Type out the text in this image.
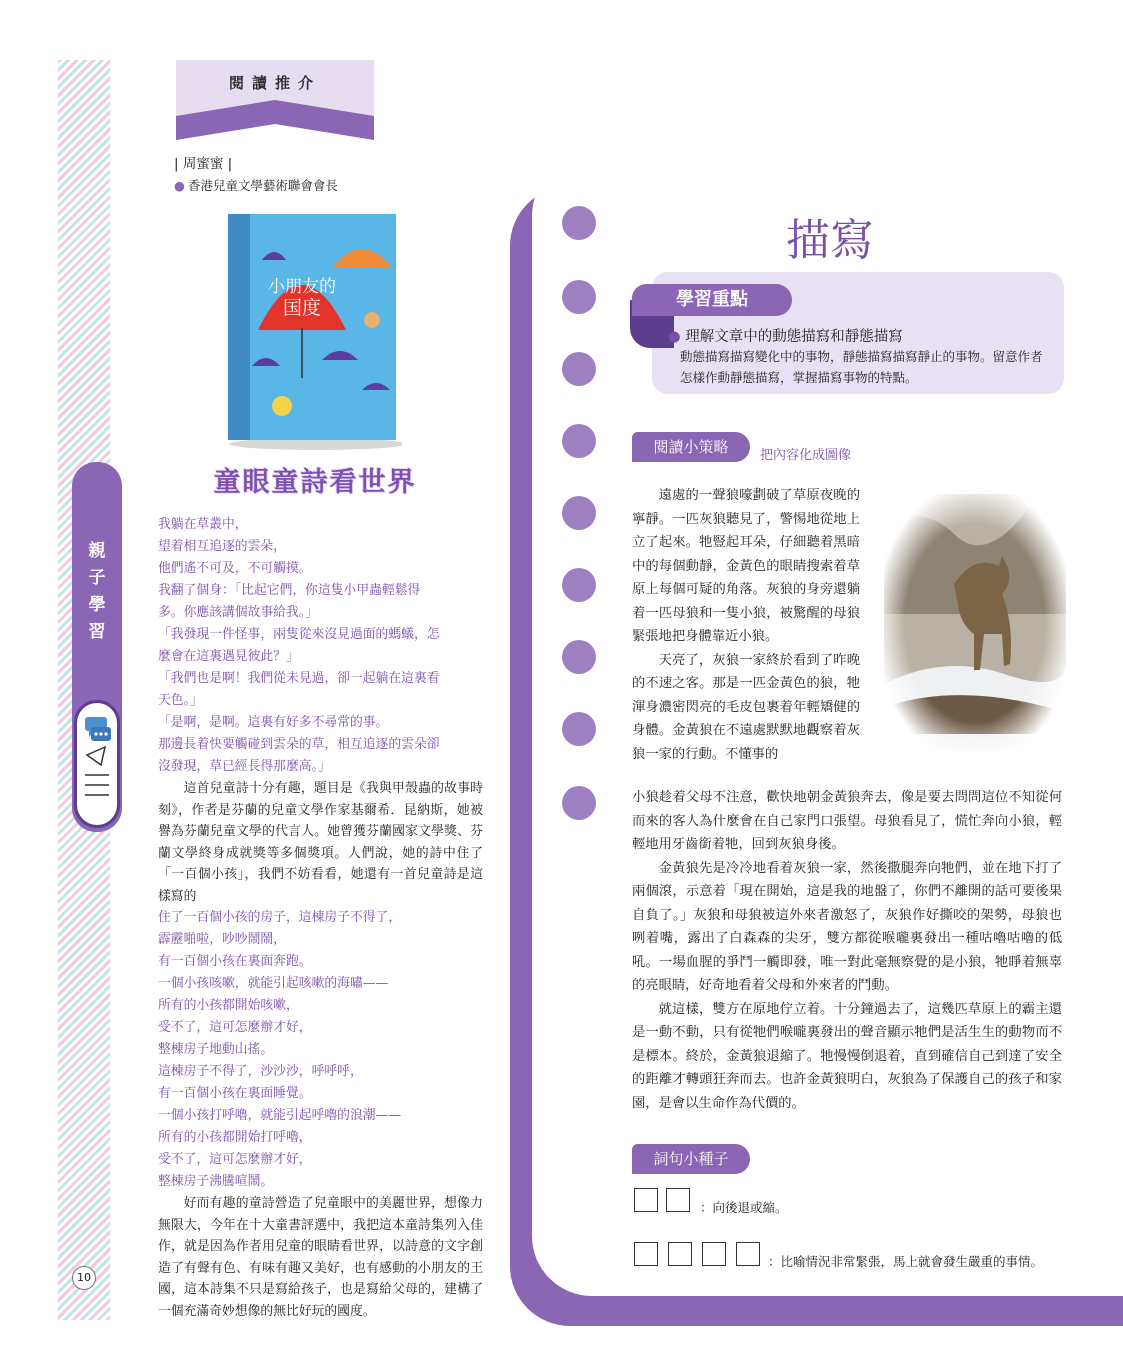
親
子
學
習
10
閱讀推介
| 周蜜蜜 |
● 香港兒童文學藝術聯會會長
小朋友的
国度
童眼童詩看世界

我躺在草叢中，

望着相互追逐的雲朵，

他們遙不可及，不可觸摸。

我翻了個身：「比起它們，你這隻小甲蟲輕鬆得

多。你應該講個故事給我。」

「我發現一件怪事，兩隻從來沒見過面的螞蟻，怎

麼會在這裏遇見彼此？」

「我們也是啊！我們從未見過，卻一起躺在這裏看

天色。」

「是啊，是啊。這裏有好多不尋常的事。

那邊長着快要觸碰到雲朵的草，相互追逐的雲朵卻

沒發現，草已經長得那麼高。」

這首兒童詩十分有趣，題目是《我與甲殼蟲的故事時刻》，作者是芬蘭的兒童文學作家基爾希．昆納斯，她被譽為芬蘭兒童文學的代言人。她曾獲芬蘭國家文學獎、芬蘭文學終身成就獎等多個獎項。人們說，她的詩中住了「一百個小孩」，我們不妨看看，她還有一首兒童詩是這樣寫的

住了一百個小孩的房子，這棟房子不得了，

霹靂啪啦，吵吵鬧鬧，

有一百個小孩在裏面奔跑。

一個小孩咳嗽，就能引起咳嗽的海嘯——

所有的小孩都開始咳嗽，

受不了，這可怎麼辦才好，

整棟房子地動山搖。

這棟房子不得了，沙沙沙，呼呼呼，

有一百個小孩在裏面睡覺。

一個小孩打呼嚕，就能引起呼嚕的浪潮——

所有的小孩都開始打呼嚕，

受不了，這可怎麼辦才好，

整棟房子沸騰喧鬧。

好而有趣的童詩營造了兒童眼中的美麗世界，想像力無限大，今年在十大童書評選中，我把這本童詩集列入佳作，就是因為作者用兒童的眼睛看世界，以詩意的文字創造了有聲有色、有味有趣又美好，也有感動的小朋友的王國，這本詩集不只是寫給孩子，也是寫給父母的，建構了一個充滿奇妙想像的無比好玩的國度。

描寫
學習重點
● 理解文章中的動態描寫和靜態描寫
動態描寫描寫變化中的事物，靜態描寫描寫靜止的事物。留意作者怎樣作動靜態描寫，掌握描寫事物的特點。
閱讀小策略	把內容化成圖像

遠處的一聲狼嚎劃破了草原夜晚的寧靜。一匹灰狼聽見了，警惕地從地上立了起來。牠豎起耳朵，仔細聽着黑暗中的每個動靜，金黃色的眼睛搜索着草原上每個可疑的角落。灰狼的身旁還躺着一匹母狼和一隻小狼，被驚醒的母狼緊張地把身體靠近小狼。

天亮了，灰狼一家終於看到了昨晚的不速之客。那是一匹金黃色的狼，牠渾身濃密閃亮的毛皮包裹着年輕矯健的身體。金黃狼在不遠處默默地觀察着灰狼一家的行動。不懂事的

小狼趁着父母不注意，歡快地朝金黃狼奔去，像是要去問問這位不知從何而來的客人為什麼會在自己家門口張望。母狼看見了，慌忙奔向小狼，輕輕地用牙齒銜着牠，回到灰狼身後。

金黃狼先是冷冷地看着灰狼一家，然後撒腿奔向牠們，並在地下打了兩個滾，示意着「現在開始，這是我的地盤了，你們不離開的話可要後果自負了。」灰狼和母狼被這外來者激怒了，灰狼作好撕咬的架勢，母狼也咧着嘴，露出了白森森的尖牙，雙方都從喉嚨裏發出一種咕嚕咕嚕的低吼。一場血腥的爭鬥一觸即發，唯一對此毫無察覺的是小狼，牠睜着無辜的亮眼睛，好奇地看着父母和外來者的鬥動。

就這樣，雙方在原地佇立着。十分鐘過去了，這幾匹草原上的霸主還是一動不動，只有從牠們喉嚨裏發出的聲音顯示牠們是活生生的動物而不是標本。終於，金黃狼退縮了。牠慢慢倒退着，直到確信自己到達了安全的距離才轉頭狂奔而去。也許金黃狼明白，灰狼為了保護自己的孩子和家園，是會以生命作為代價的。

詞句小種子
：向後退或縮。
：比喻情況非常緊張，馬上就會發生嚴重的事情。
